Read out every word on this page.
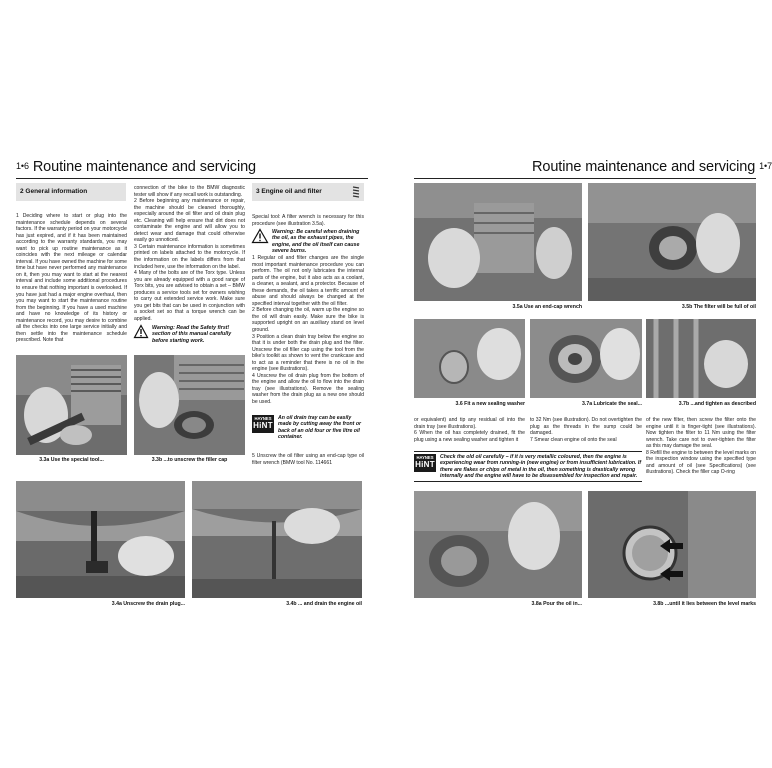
1•6 Routine maintenance and servicing
2 General information

1 Deciding where to start or plug into the maintenance schedule depends on several factors. If the warranty period on your motorcycle has just expired, and if it has been maintained according to the warranty standards, you may want to pick up routine maintenance as it coincides with the next mileage or calendar interval. If you have owned the machine for some time but have never performed any maintenance on it, then you may want to start at the nearest interval and include some additional procedures to ensure that nothing important is overlooked. If you have just had a major engine overhaul, then you may want to start the maintenance routine from the beginning. If you have a used machine and have no knowledge of its history or maintenance record, you may desire to combine all the checks into one large service initially and then settle into the maintenance schedule prescribed. Note that

connection of the bike to the BMW diagnostic tester will show if any recall work is outstanding.

2 Before beginning any maintenance or repair, the machine should be cleaned thoroughly, especially around the oil filter and oil drain plug etc. Cleaning will help ensure that dirt does not contaminate the engine and will allow you to detect wear and damage that could otherwise easily go unnoticed.

3 Certain maintenance information is sometimes printed on labels attached to the motorcycle. If the information on the labels differs from that included here, use the information on the label.

4 Many of the bolts are of the Torx type. Unless you are already equipped with a good range of Torx bits, you are advised to obtain a set – BMW produces a service tools set for owners wishing to carry out extended service work. Make sure you get bits that can be used in conjunction with a socket set so that a torque wrench can be applied.

Warning: Read the Safety first! section of this manual carefully before starting work.
3 Engine oil and filter

Special tool: A filter wrench is necessary for this procedure (see illustration 3.5a).

Warning: Be careful when draining the oil, as the exhaust pipes, the engine, and the oil itself can cause severe burns.

1 Regular oil and filter changes are the single most important maintenance procedure you can perform. The oil not only lubricates the internal parts of the engine, but it also acts as a coolant, a cleaner, a sealant, and a protector. Because of these demands, the oil takes a terrific amount of abuse and should always be changed at the specified interval together with the oil filter.

2 Before changing the oil, warm up the engine so the oil will drain easily. Make sure the bike is supported upright on an auxiliary stand on level ground.

3 Position a clean drain tray below the engine so that it is under both the drain plug and the filter. Unscrew the oil filler cap using the tool from the bike's toolkit as shown to vent the crankcase and to act as a reminder that there is no oil in the engine (see illustrations).

4 Unscrew the oil drain plug from the bottom of the engine and allow the oil to flow into the drain tray (see illustrations). Remove the sealing washer from the drain plug as a new one should be used.

HAYNES
HiNT
An oil drain tray can be easily made by cutting away the front or back of an old four or five litre oil container.

5 Unscrew the oil filter using an end-cap type oil filter wrench (BMW tool No. 114661

3.3a Use the special tool...	3.3b ...to unscrew the filler cap
3.4a Unscrew the drain plug...	3.4b ... and drain the engine oil
Routine maintenance and servicing 1•7
3.5a Use an end-cap wrench	3.5b The filter will be full of oil
3.6 Fit a new sealing washer	3.7a Lubricate the seal...	3.7b ...and tighten as described

or equivalent) and tip any residual oil into the drain tray (see illustrations).

6 When the oil has completely drained, fit the plug using a new sealing washer and tighten it

to 32 Nm (see illustration). Do not overtighten the plug as the threads in the sump could be damaged.

7 Smear clean engine oil onto the seal

of the new filter, then screw the filter onto the engine until it is finger-tight (see illustrations). Now tighten the filter to 11 Nm using the filter wrench. Take care not to over-tighten the filter as this may damage the seal.

8 Refill the engine to between the level marks on the inspection window using the specified type and amount of oil (see Specifications) (see illustrations). Check the filler cap O-ring

HAYNES
HiNT
Check the old oil carefully – if it is very metallic coloured, then the engine is experiencing wear from running-in (new engine) or from insufficient lubrication. If there are flakes or chips of metal in the oil, then something is drastically wrong internally and the engine will have to be disassembled for inspection and repair.
3.8a Pour the oil in...	3.8b ...until it lies between the level marks
